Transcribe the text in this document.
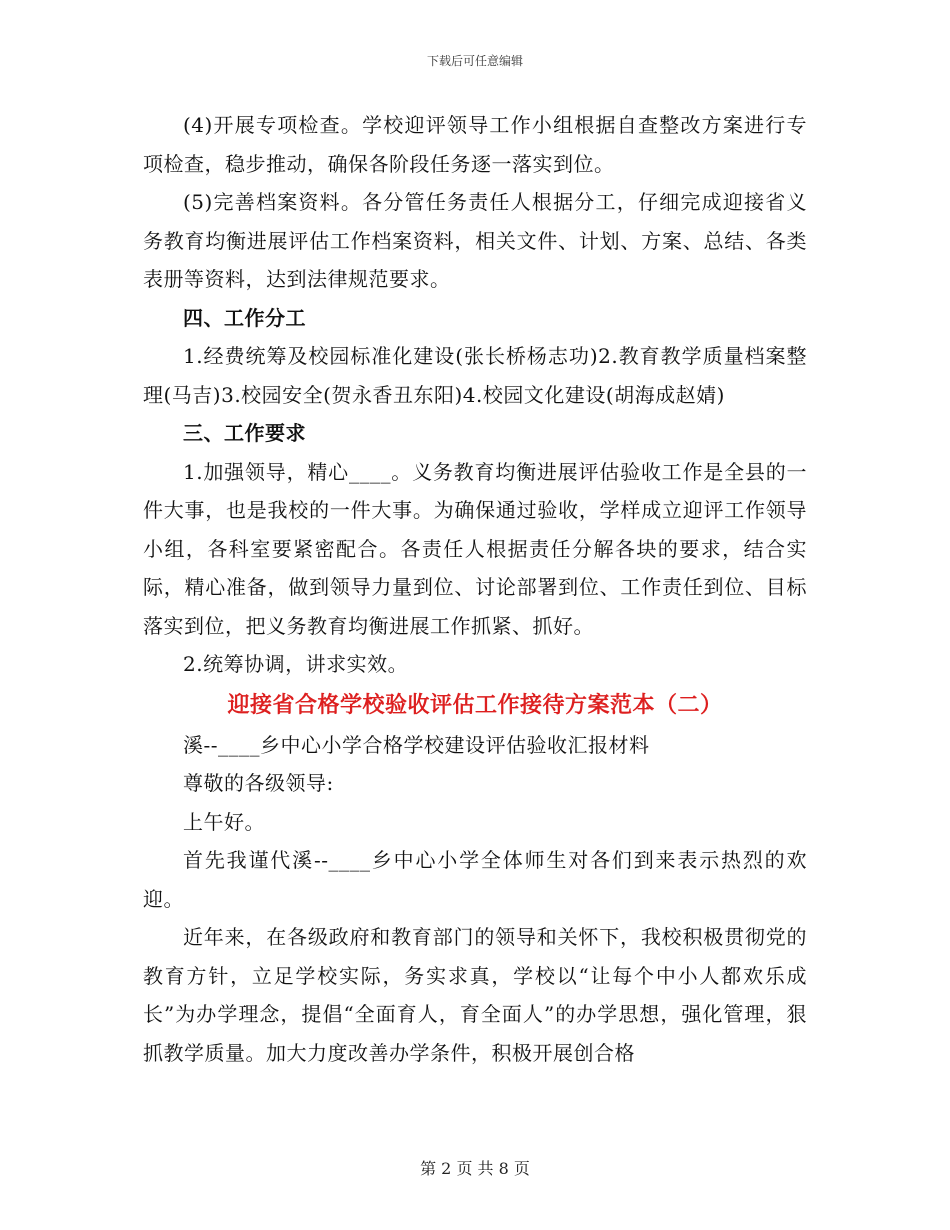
下载后可任意编辑

(4)开展专项检查。学校迎评领导工作小组根据自查整改方案进行专项检查，稳步推动，确保各阶段任务逐一落实到位。

(5)完善档案资料。各分管任务责任人根据分工，仔细完成迎接省义务教育均衡进展评估工作档案资料，相关文件、计划、方案、总结、各类表册等资料，达到法律规范要求。

四、工作分工

1.经费统筹及校园标准化建设(张长桥杨志功)2.教育教学质量档案整理(马吉)3.校园安全(贺永香丑东阳)4.校园文化建设(胡海成赵婧)

三、工作要求

1.加强领导，精心____。义务教育均衡进展评估验收工作是全县的一件大事，也是我校的一件大事。为确保通过验收，学样成立迎评工作领导小组，各科室要紧密配合。各责任人根据责任分解各块的要求，结合实际，精心准备，做到领导力量到位、讨论部署到位、工作责任到位、目标落实到位，把义务教育均衡进展工作抓紧、抓好。

2.统筹协调，讲求实效。

迎接省合格学校验收评估工作接待方案范本（二）

溪--____乡中心小学合格学校建设评估验收汇报材料

尊敬的各级领导:

上午好。

首先我谨代溪--____乡中心小学全体师生对各们到来表示热烈的欢迎。

近年来，在各级政府和教育部门的领导和关怀下，我校积极贯彻党的教育方针，立足学校实际，务实求真，学校以“让每个中小人都欢乐成长”为办学理念，提倡“全面育人，育全面人”的办学思想，强化管理，狠抓教学质量。加大力度改善办学条件，积极开展创合格

第 2 页 共 8 页
